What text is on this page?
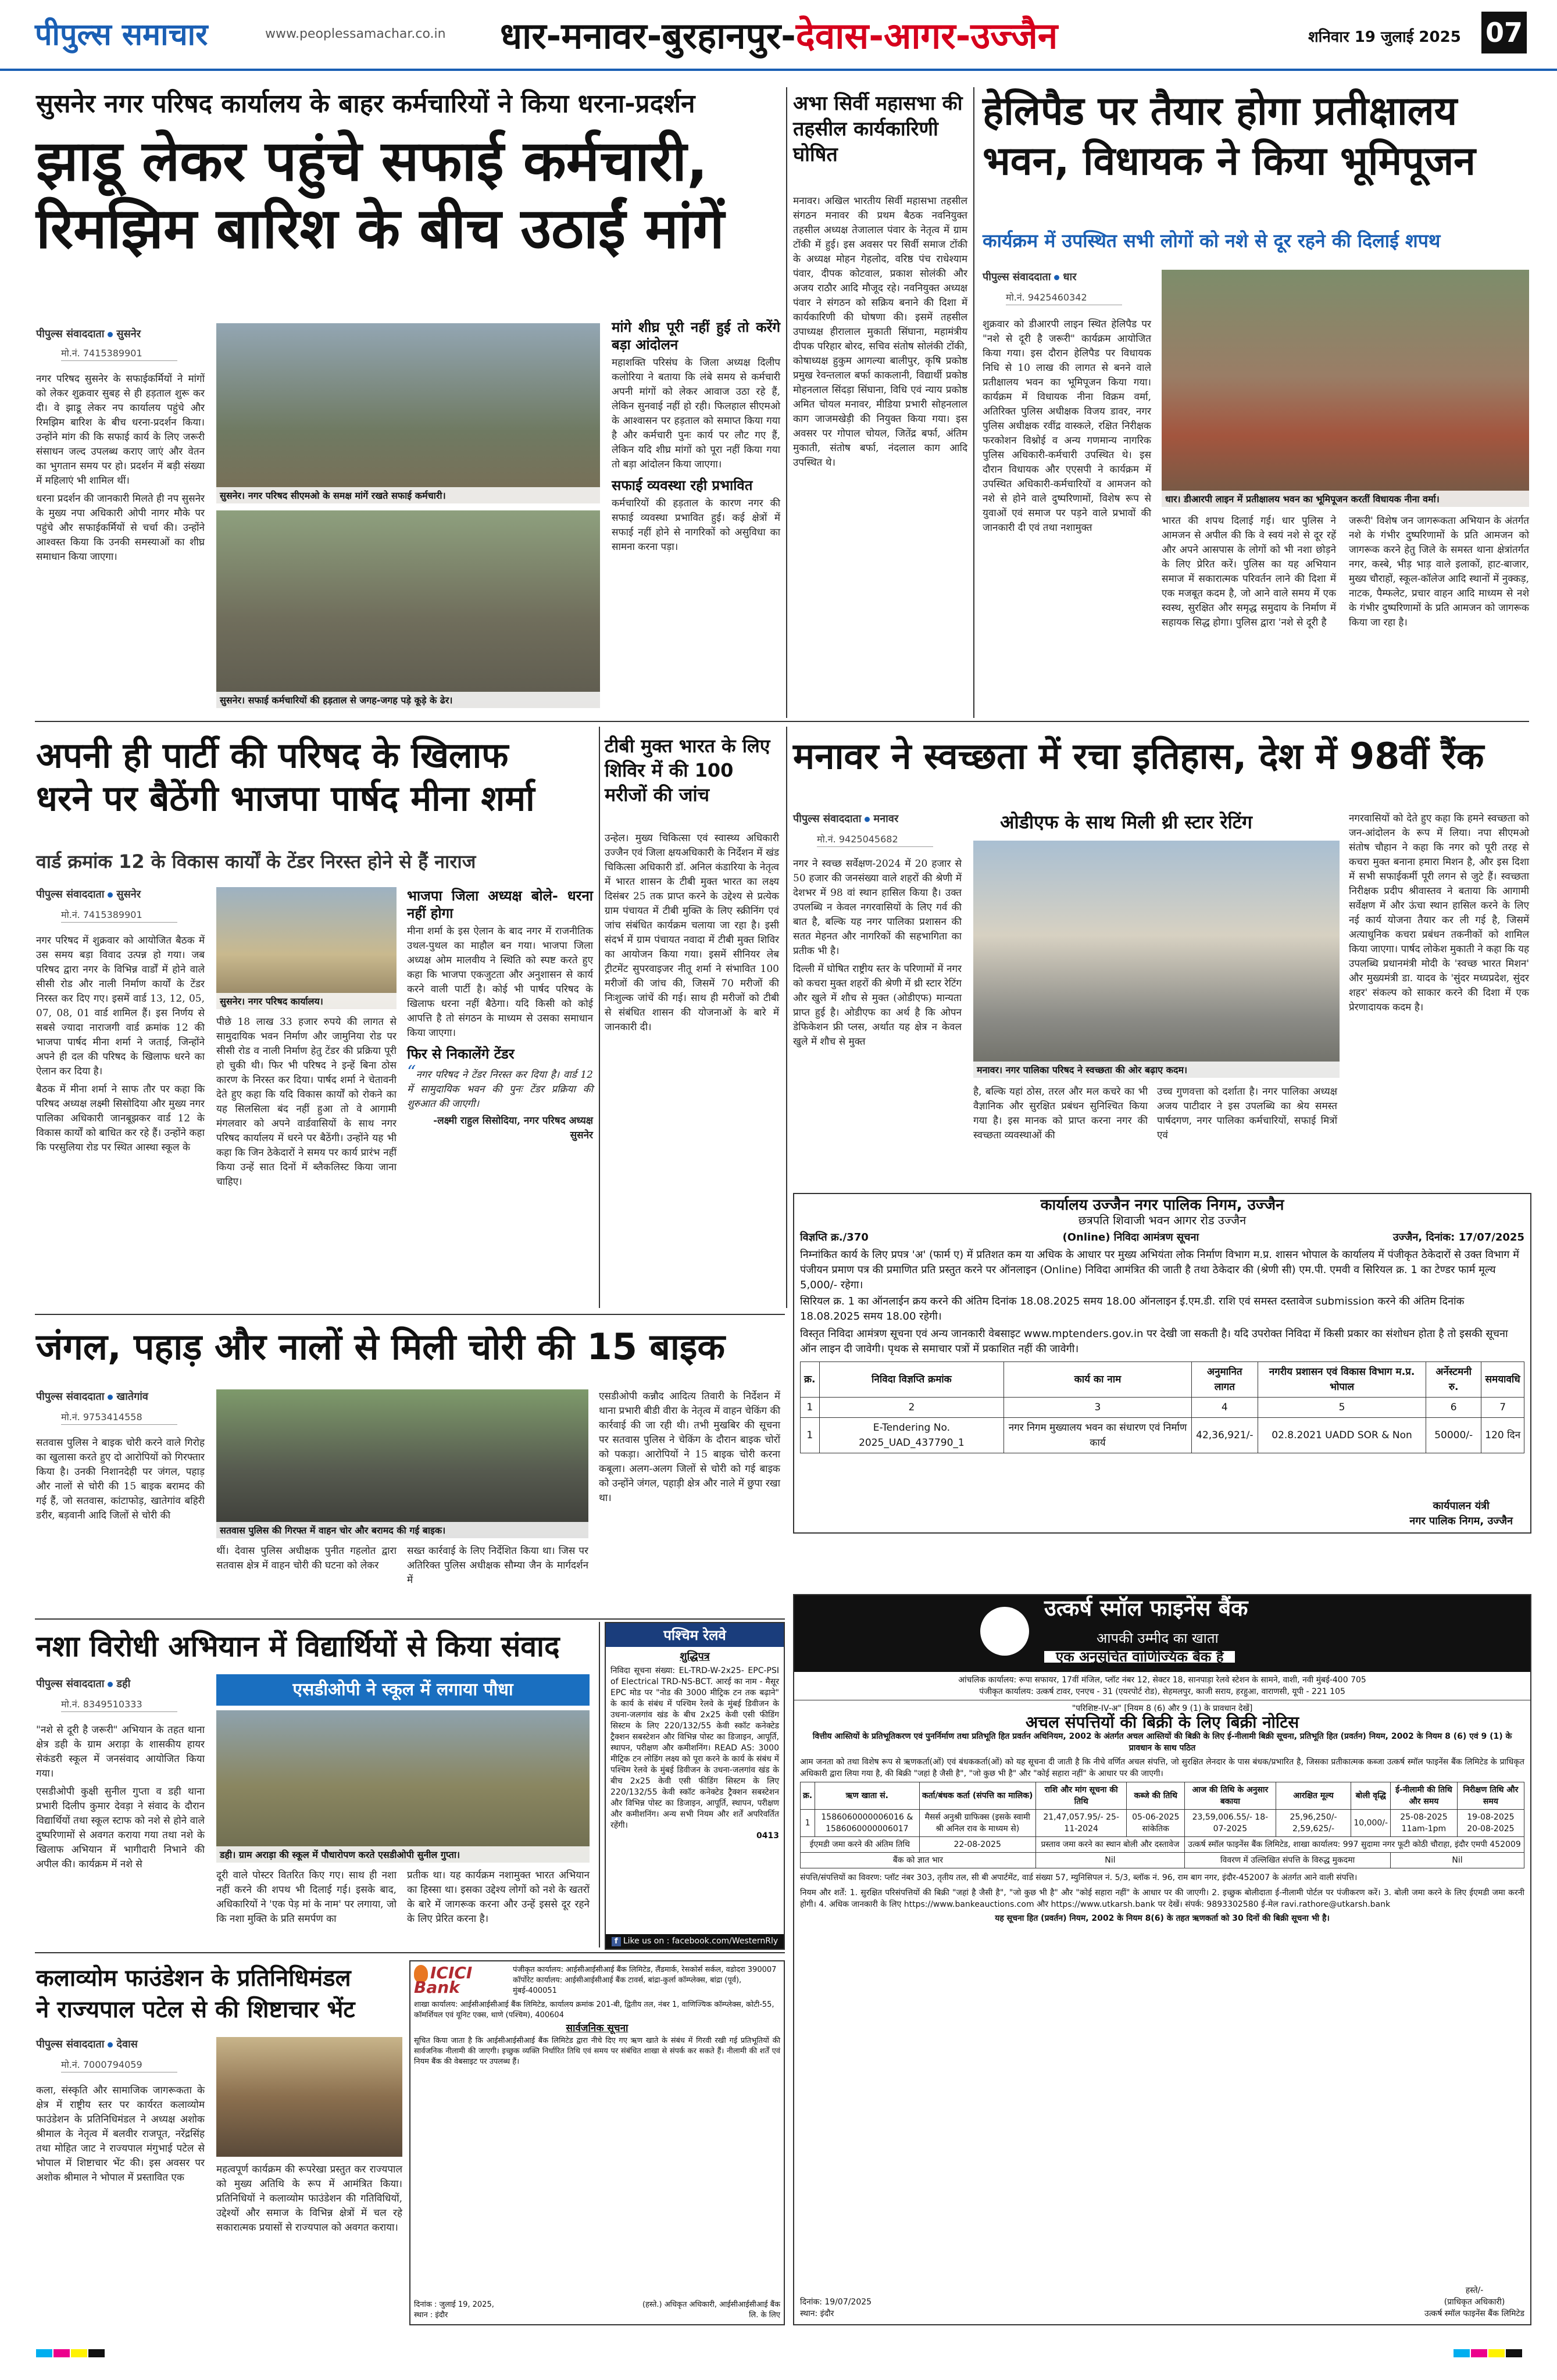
पीपुल्स समाचार	www.peoplessamachar.co.in धार-मनावर-बुरहानपुर-देवास-आगर-उज्जैन	शनिवार 19 जुलाई 2025 07
सुसनेर नगर परिषद कार्यालय के बाहर कर्मचारियों ने किया धरना-प्रदर्शन
झाडू लेकर पहुंचे सफाई कर्मचारी,
रिमझिम बारिश के बीच उठाईं मांगें
पीपुल्स संवाददाता सुसनेर
मो.नं. 7415389901

नगर परिषद सुसनेर के सफाईकर्मियों ने मांगों को लेकर शुक्रवार सुबह से ही हड़ताल शुरू कर दी। वे झाडू लेकर नप कार्यालय पहुंचे और रिमझिम बारिश के बीच धरना-प्रदर्शन किया। उन्होंने मांग की कि सफाई कार्य के लिए जरूरी संसाधन जल्द उपलब्ध कराए जाएं और वेतन का भुगतान समय पर हो। प्रदर्शन में बड़ी संख्या में महिलाएं भी शामिल थीं।

धरना प्रदर्शन की जानकारी मिलते ही नप सुसनेर के मुख्य नपा अधिकारी ओपी नागर मौके पर पहुंचे और सफाईकर्मियों से चर्चा की। उन्होंने आश्वस्त किया कि उनकी समस्याओं का शीघ्र समाधान किया जाएगा।

सुसनेर। नगर परिषद सीएमओ के समक्ष मांगें रखते सफाई कर्मचारी।
सुसनेर। सफाई कर्मचारियों की हड़ताल से जगह-जगह पड़े कूड़े के ढेर।
मांगे शीघ्र पूरी नहीं हुई तो करेंगे बड़ा आंदोलन

महाशक्ति परिसंघ के जिला अध्यक्ष दिलीप कलोरिया ने बताया कि लंबे समय से कर्मचारी अपनी मांगों को लेकर आवाज उठा रहे हैं, लेकिन सुनवाई नहीं हो रही। फिलहाल सीएमओ के आश्वासन पर हड़ताल को समाप्त किया गया है और कर्मचारी पुनः कार्य पर लौट गए हैं, लेकिन यदि शीघ्र मांगों को पूरा नहीं किया गया तो बड़ा आंदोलन किया जाएगा।

सफाई व्यवस्था रही प्रभावित

कर्मचारियों की हड़ताल के कारण नगर की सफाई व्यवस्था प्रभावित हुई। कई क्षेत्रों में सफाई नहीं होने से नागरिकों को असुविधा का सामना करना पड़ा।

अभा सिर्वी महासभा की तहसील कार्यकारिणी घोषित
मनावर। अखिल भारतीय सिर्वी महासभा तहसील संगठन मनावर की प्रथम बैठक नवनियुक्त तहसील अध्यक्ष तेजालाल पंवार के नेतृत्व में ग्राम टोंकी में हुई। इस अवसर पर सिर्वी समाज टोंकी के अध्यक्ष मोहन गेहलोद, वरिष्ठ पंच राधेश्याम पंवार, दीपक कोटवाल, प्रकाश सोलंकी और अजय राठौर आदि मौजूद रहे। नवनियुक्त अध्यक्ष पंवार ने संगठन को सक्रिय बनाने की दिशा में कार्यकारिणी की घोषणा की। इसमें तहसील उपाध्यक्ष हीरालाल मुकाती सिंघाना, महामंत्रीय दीपक परिहार बोरद, सचिव संतोष सोलंकी टोंकी, कोषाध्यक्ष हुकुम आगल्या बालीपुर, कृषि प्रकोष्ठ प्रमुख रेवन्तलाल बर्फा काकलानी, विद्यार्थी प्रकोष्ठ मोहनलाल सिंदड़ा सिंघाना, विधि एवं न्याय प्रकोष्ठ अमित चोयल मनावर, मीडिया प्रभारी सोहनलाल काग जाजमखेड़ी की नियुक्त किया गया। इस अवसर पर गोपाल चोयल, जितेंद्र बर्फा, अंतिम मुकाती, संतोष बर्फा, नंदलाल काग आदि उपस्थित थे।
हेलिपैड पर तैयार होगा प्रतीक्षालय
भवन, विधायक ने किया भूमिपूजन
कार्यक्रम में उपस्थित सभी लोगों को नशे से दूर रहने की दिलाई शपथ
पीपुल्स संवाददाता धार
मो.नं. 9425460342
शुक्रवार को डीआरपी लाइन स्थित हेलिपैड पर "नशे से दूरी है जरूरी" कार्यक्रम आयोजित किया गया। इस दौरान हेलिपैड पर विधायक निधि से 10 लाख की लागत से बनने वाले प्रतीक्षालय भवन का भूमिपूजन किया गया। कार्यक्रम में विधायक नीना विक्रम वर्मा, अतिरिक्त पुलिस अधीक्षक विजय डावर, नगर पुलिस अधीक्षक रवींद्र वास्कले, रक्षित निरीक्षक फरकोशन विश्नोई व अन्य गणमान्य नागरिक पुलिस अधिकारी-कर्मचारी उपस्थित थे। इस दौरान विधायक और एएसपी ने कार्यक्रम में उपस्थित अधिकारी-कर्मचारियों व आमजन को नशे से होने वाले दुष्परिणामों, विशेष रूप से युवाओं एवं समाज पर पड़ने वाले प्रभावों की जानकारी दी एवं तथा नशामुक्त
धार। डीआरपी लाइन में प्रतीक्षालय भवन का भूमिपूजन करतीं विधायक नीना वर्मा।
भारत की शपथ दिलाई गई। धार पुलिस ने आमजन से अपील की कि वे स्वयं नशे से दूर रहें और अपने आसपास के लोगों को भी नशा छोड़ने के लिए प्रेरित करें। पुलिस का यह अभियान समाज में सकारात्मक परिवर्तन लाने की दिशा में एक मजबूत कदम है, जो आने वाले समय में एक स्वस्थ, सुरक्षित और समृद्ध समुदाय के निर्माण में सहायक सिद्ध होगा। पुलिस द्वारा 'नशे से दूरी है
जरूरी' विशेष जन जागरूकता अभियान के अंतर्गत नशे के गंभीर दुष्परिणामों के प्रति आमजन को जागरूक करने हेतु जिले के समस्त थाना क्षेत्रांतर्गत नगर, कस्बे, भीड़ भाड़ वाले इलाकों, हाट-बाजार, मुख्य चौराहों, स्कूल-कॉलेज आदि स्थानों में नुक्कड़, नाटक, पैम्फलेट, प्रचार वाहन आदि माध्यम से नशे के गंभीर दुष्परिणामों के प्रति आमजन को जागरूक किया जा रहा है।
अपनी ही पार्टी की परिषद के खिलाफ
धरने पर बैठेंगी भाजपा पार्षद मीना शर्मा
वार्ड क्रमांक 12 के विकास कार्यों के टेंडर निरस्त होने से हैं नाराज
पीपुल्स संवाददाता सुसनेर
मो.नं. 7415389901

नगर परिषद में शुक्रवार को आयोजित बैठक में उस समय बड़ा विवाद उत्पन्न हो गया। जब परिषद द्वारा नगर के विभिन्न वार्डों में होने वाले सीसी रोड और नाली निर्माण कार्यों के टेंडर निरस्त कर दिए गए। इसमें वार्ड 13, 12, 05, 07, 08, 01 वार्ड शामिल हैं। इस निर्णय से सबसे ज्यादा नाराजगी वार्ड क्रमांक 12 की भाजपा पार्षद मीना शर्मा ने जताई, जिन्होंने अपने ही दल की परिषद के खिलाफ धरने का ऐलान कर दिया है।

बैठक में मीना शर्मा ने साफ तौर पर कहा कि परिषद अध्यक्ष लक्ष्मी सिसोदिया और मुख्य नगर पालिका अधिकारी जानबूझकर वार्ड 12 के विकास कार्यों को बाधित कर रहे हैं। उन्होंने कहा कि परसुलिया रोड पर स्थित आस्था स्कूल के

सुसनेर। नगर परिषद कार्यालय।
पीछे 18 लाख 33 हजार रुपये की लागत से सामुदायिक भवन निर्माण और जामुनिया रोड पर सीसी रोड व नाली निर्माण हेतु टेंडर की प्रक्रिया पूरी हो चुकी थी। फिर भी परिषद ने इन्हें बिना ठोस कारण के निरस्त कर दिया। पार्षद शर्मा ने चेतावनी देते हुए कहा कि यदि विकास कार्यों को रोकने का यह सिलसिला बंद नहीं हुआ तो वे आगामी मंगलवार को अपने वार्डवासियों के साथ नगर परिषद कार्यालय में धरने पर बैठेंगी। उन्होंने यह भी कहा कि जिन ठेकेदारों ने समय पर कार्य प्रारंभ नहीं किया उन्हें सात दिनों में ब्लैकलिस्ट किया जाना चाहिए।
भाजपा जिला अध्यक्ष बोले- धरना नहीं होगा

मीना शर्मा के इस ऐलान के बाद नगर में राजनीतिक उथल-पुथल का माहौल बन गया। भाजपा जिला अध्यक्ष ओम मालवीय ने स्थिति को स्पष्ट करते हुए कहा कि भाजपा एकजुटता और अनुशासन से कार्य करने वाली पार्टी है। कोई भी पार्षद परिषद के खिलाफ धरना नहीं बैठेगा। यदि किसी को कोई आपत्ति है तो संगठन के माध्यम से उसका समाधान किया जाएगा।

फिर से निकालेंगे टेंडर

“नगर परिषद ने टेंडर निरस्त कर दिया है। वार्ड 12 में सामुदायिक भवन की पुनः टेंडर प्रक्रिया की शुरुआत की जाएगी।

-लक्ष्मी राहुल सिसोदिया, नगर परिषद अध्यक्ष सुसनेर

टीबी मुक्त भारत के लिए शिविर में की 100 मरीजों की जांच
उन्हेल। मुख्य चिकित्सा एवं स्वास्थ्य अधिकारी उज्जैन एवं जिला क्षयअधिकारी के निर्देशन में खंड चिकित्सा अधिकारी डॉ. अनिल कंडारिया के नेतृत्व में भारत शासन के टीबी मुक्त भारत का लक्ष्य दिसंबर 25 तक प्राप्त करने के उद्देश्य से प्रत्येक ग्राम पंचायत में टीबी मुक्ति के लिए स्क्रीनिंग एवं जांच संबंधित कार्यक्रम चलाया जा रहा है। इसी संदर्भ में ग्राम पंचायत नवादा में टीबी मुक्त शिविर का आयोजन किया गया। इसमें सीनियर लेब ट्रीटमेंट सुपरवाइजर नीतू शर्मा ने संभावित 100 मरीजों की जांच की, जिसमें 70 मरीजों की निःशुल्क जांचें की गई। साथ ही मरीजों को टीबी से संबंधित शासन की योजनाओं के बारे में जानकारी दी।
मनावर ने स्वच्छता में रचा इतिहास, देश में 98वीं रैंक
पीपुल्स संवाददाता मनावर
मो.नं. 9425045682
ओडीएफ के साथ मिली थ्री स्टार रेटिंग

नगर ने स्वच्छ सर्वेक्षण-2024 में 20 हजार से 50 हजार की जनसंख्या वाले शहरों की श्रेणी में देशभर में 98 वां स्थान हासिल किया है। उक्त उपलब्धि न केवल नगरवासियों के लिए गर्व की बात है, बल्कि यह नगर पालिका प्रशासन की सतत मेहनत और नागरिकों की सहभागिता का प्रतीक भी है।

दिल्ली में घोषित राष्ट्रीय स्तर के परिणामों में नगर को कचरा मुक्त शहरों की श्रेणी में थ्री स्टार रेटिंग और खुले में शौच से मुक्त (ओडीएफ) मान्यता प्राप्त हुई है। ओडीएफ का अर्थ है कि ओपन डेफिकेशन फ्री प्लस, अर्थात यह क्षेत्र न केवल खुले में शौच से मुक्त

मनावर। नगर पालिका परिषद ने स्वच्छता की ओर बढ़ाए कदम।
है, बल्कि यहां ठोस, तरल और मल कचरे का भी वैज्ञानिक और सुरक्षित प्रबंधन सुनिश्चित किया गया है। इस मानक को प्राप्त करना नगर की स्वच्छता व्यवस्थाओं की
उच्च गुणवत्ता को दर्शाता है। नगर पालिका अध्यक्ष अजय पाटीदार ने इस उपलब्धि का श्रेय समस्त पार्षदगण, नगर पालिका कर्मचारियों, सफाई मित्रों एवं
नगरवासियों को देते हुए कहा कि हमने स्वच्छता को जन-आंदोलन के रूप में लिया। नपा सीएमओ संतोष चौहान ने कहा कि नगर को पूरी तरह से कचरा मुक्त बनाना हमारा मिशन है, और इस दिशा में सभी सफाईकर्मी पूरी लगन से जुटे हैं। स्वच्छता निरीक्षक प्रदीप श्रीवास्तव ने बताया कि आगामी सर्वेक्षण में और ऊंचा स्थान हासिल करने के लिए नई कार्य योजना तैयार कर ली गई है, जिसमें अत्याधुनिक कचरा प्रबंधन तकनीकों को शामिल किया जाएगा। पार्षद लोकेश मुकाती ने कहा कि यह उपलब्धि प्रधानमंत्री मोदी के 'स्वच्छ भारत मिशन' और मुख्यमंत्री डा. यादव के 'सुंदर मध्यप्रदेश, सुंदर शहर' संकल्प को साकार करने की दिशा में एक प्रेरणादायक कदम है।
कार्यालय उज्जैन नगर पालिक निगम, उज्जैन
छत्रपति शिवाजी भवन आगर रोड उज्जैन
विज्ञप्ति क्र./370	(Online) निविदा आमंत्रण सूचना	उज्जैन, दिनांक: 17/07/2025
निम्नांकित कार्य के लिए प्रपत्र 'अ' (फार्म ए) में प्रतिशत कम या अधिक के आधार पर मुख्य अभियंता लोक निर्माण विभाग म.प्र. शासन भोपाल के कार्यालय में पंजीकृत ठेकेदारों से उक्त विभाग में पंजीयन प्रमाण पत्र की प्रमाणित प्रति प्रस्तुत करने पर ऑनलाइन (Online) निविदा आमंत्रित की जाती है तथा ठेकेदार की (श्रेणी सी) एम.पी. एमवी व सिरियल क्र. 1 का टेण्डर फार्म मूल्य 5,000/- रहेगा।
सिरियल क्र. 1 का ऑनलाईन क्रय करने की अंतिम दिनांक 18.08.2025 समय 18.00 ऑनलाइन ई.एम.डी. राशि एवं समस्त दस्तावेज submission करने की अंतिम दिनांक 18.08.2025 समय 18.00 रहेगी।
विस्तृत निविदा आमंत्रण सूचना एवं अन्य जानकारी वेबसाइट www.mptenders.gov.in पर देखी जा सकती है। यदि उपरोक्त निविदा में किसी प्रकार का संशोधन होता है तो इसकी सूचना ऑन लाइन दी जावेगी। पृथक से समाचार पत्रों में प्रकाशित नहीं की जावेगी।
क्र.	निविदा विज्ञप्ति क्रमांक	कार्य का नाम	अनुमानित लागत	नगरीय प्रशासन एवं विकास विभाग म.प्र. भोपाल	अर्नेस्टमनी रु.	समयावधि
1	2	3	4	5	6	7
1	E-Tendering No. 2025_UAD_437790_1	नगर निगम मुख्यालय भवन का संधारण एवं निर्माण कार्य	42,36,921/-	02.8.2021 UADD SOR & Non	50000/-	120 दिन
कार्यपालन यंत्री
नगर पालिक निगम, उज्जैन
जंगल, पहाड़ और नालों से मिली चोरी की 15 बाइक
पीपुल्स संवाददाता खातेगांव
मो.नं. 9753414558
सतवास पुलिस ने बाइक चोरी करने वाले गिरोह का खुलासा करते हुए दो आरोपियों को गिरफ्तार किया है। उनकी निशानदेही पर जंगल, पहाड़ और नालों से चोरी की 15 बाइक बरामद की गई हैं, जो सतवास, कांटाफोड़, खातेगांव बहिरी डरीर, बड़वानी आदि जिलों से चोरी की
सतवास पुलिस की गिरफ्त में वाहन चोर और बरामद की गई बाइक।
थीं। देवास पुलिस अधीक्षक पुनीत गहलोत द्वारा सतवास क्षेत्र में वाहन चोरी की घटना को लेकर
सख्त कार्रवाई के लिए निर्देशित किया था। जिस पर अतिरिक्त पुलिस अधीक्षक सौम्या जैन के मार्गदर्शन में
एसडीओपी कन्नौद आदित्य तिवारी के निर्देशन में थाना प्रभारी बीडी वीरा के नेतृत्व में वाहन चेकिंग की कार्रवाई की जा रही थी। तभी मुखबिर की सूचना पर सतवास पुलिस ने चेकिंग के दौरान बाइक चोरों को पकड़ा। आरोपियों ने 15 बाइक चोरी करना कबूला। अलग-अलग जिलों से चोरी को गई बाइक को उन्होंने जंगल, पहाड़ी क्षेत्र और नाले में छुपा रखा था।
नशा विरोधी अभियान में विद्यार्थियों से किया संवाद
पीपुल्स संवाददाता डही
मो.नं. 8349510333

"नशे से दूरी है जरूरी" अभियान के तहत थाना क्षेत्र डही के ग्राम अराड़ा के शासकीय हायर सेकंडरी स्कूल में जनसंवाद आयोजित किया गया।

एसडीओपी कुक्षी सुनील गुप्ता व डही थाना प्रभारी दिलीप कुमार देवड़ा ने संवाद के दौरान विद्यार्थियों तथा स्कूल स्टाफ को नशे से होने वाले दुष्परिणामों से अवगत कराया गया तथा नशे के खिलाफ अभियान में भागीदारी निभाने की अपील की। कार्यक्रम में नशे से

एसडीओपी ने स्कूल में लगाया पौधा
डही। ग्राम अराड़ा की स्कूल में पौधारोपण करते एसडीओपी सुनील गुप्ता।
दूरी वाले पोस्टर वितरित किए गए। साथ ही नशा नहीं करने की शपथ भी दिलाई गई। इसके बाद, अधिकारियों ने 'एक पेड़ मां के नाम' पर लगाया, जो कि नशा मुक्ति के प्रति समर्पण का
प्रतीक था। यह कार्यक्रम नशामुक्त भारत अभियान का हिस्सा था। इसका उद्देश्य लोगों को नशे के खतरों के बारे में जागरूक करना और उन्हें इससे दूर रहने के लिए प्रेरित करना है।
पश्चिम रेलवे
शुद्धिपत्र
निविदा सूचना संख्या: EL-TRD-W-2x25- EPC-PSI of Electrical TRD-NS-BCT. आरई का नाम - मैसूर EPC मोड पर "नोड की 3000 मीट्रिक टन तक बढ़ाने" के कार्य के संबंध में पश्चिम रेलवे के मुंबई डिवीजन के उधना-जलगांव खंड के बीच 2x25 केवी एसी फीडिंग सिस्टम के लिए 220/132/55 केवी स्कॉट कनेक्टेड ट्रैक्शन सबस्टेशन और विभिन्न पोस्ट का डिजाइन, आपूर्ति, स्थापन, परीक्षण और कमीशनिंग। READ AS: 3000 मीट्रिक टन लोडिंग लक्ष्य को पूरा करने के कार्य के संबंध में पश्चिम रेलवे के मुंबई डिवीजन के उधना-जलगांव खंड के बीच 2x25 केवी एसी फीडिंग सिस्टम के लिए 220/132/55 केवी स्कॉट कनेक्टेड ट्रैक्शन सबस्टेशन और विभिन्न पोस्ट का डिजाइन, आपूर्ति, स्थापन, परीक्षण और कमीशनिंग। अन्य सभी नियम और शर्तें अपरिवर्तित रहेंगी।
0413
f Like us on : facebook.com/WesternRly
कलाव्योम फाउंडेशन के प्रतिनिधिमंडल
ने राज्यपाल पटेल से की शिष्टाचार भेंट
पीपुल्स संवाददाता देवास
मो.नं. 7000794059
कला, संस्कृति और सामाजिक जागरूकता के क्षेत्र में राष्ट्रीय स्तर पर कार्यरत कलाव्योम फाउंडेशन के प्रतिनिधिमंडल ने अध्यक्ष अशोक श्रीमाल के नेतृत्व में बलवीर राजपूत, नरेंद्रसिंह तथा मोहित जाट ने राज्यपाल मंगुभाई पटेल से भोपाल में शिष्टाचार भेंट की। इस अवसर पर अशोक श्रीमाल ने भोपाल में प्रस्तावित एक
महत्वपूर्ण कार्यक्रम की रूपरेखा प्रस्तुत कर राज्यपाल को मुख्य अतिथि के रूप में आमंत्रित किया। प्रतिनिधियों ने कलाव्योम फाउंडेशन की गतिविधियों, उद्देश्यों और समाज के विभिन्न क्षेत्रों में चल रहे सकारात्मक प्रयासों से राज्यपाल को अवगत कराया।
ICICI Bank
पंजीकृत कार्यालय: आईसीआईसीआई बैंक लिमिटेड, लैंडमार्क, रेसकोर्स सर्कल, वडोदरा 390007
कॉर्पोरेट कार्यालय: आईसीआईसीआई बैंक टावर्स, बांद्रा-कुर्ला कॉम्प्लेक्स, बांद्रा (पूर्व), मुंबई-400051
शाखा कार्यालय: आईसीआईसीआई बैंक लिमिटेड, कार्यालय क्रमांक 201-बी, द्वितीय तल, नंबर 1, वाणिज्यिक कॉम्प्लेक्स, कोटी-55, कॉमर्शियल एवं यूनिट एक्स, थाणे (पश्चिम), 400604
सार्वजनिक सूचना
सूचित किया जाता है कि आईसीआईसीआई बैंक लिमिटेड द्वारा नीचे दिए गए ऋण खाते के संबंध में गिरवी रखी गई प्रतिभूतियों की सार्वजनिक नीलामी की जाएगी। इच्छुक व्यक्ति निर्धारित तिथि एवं समय पर संबंधित शाखा से संपर्क कर सकते हैं। नीलामी की शर्तें एवं नियम बैंक की वेबसाइट पर उपलब्ध हैं।
दिनांक : जुलाई 19, 2025,
स्थान : इंदौर
(हस्ते.) अधिकृत अधिकारी, आईसीआईसीआई बैंक लि. के लिए
उत्कर्ष स्मॉल फाइनेंस बैंक
आपकी उम्मीद का खाता
एक अनुसूचित वाणिज्यिक बैंक है
आंचलिक कार्यालय: रूपा सफायर, 17वीं मंजिल, प्लॉट नंबर 12, सेक्टर 18, सानपाड़ा रेलवे स्टेशन के सामने, वाशी, नवी मुंबई-400 705
पंजीकृत कार्यालय: उत्कर्ष टावर, एनएच - 31 (एयरपोर्ट रोड), सेहमलपुर, काजी सराय, हरहुआ, वाराणसी, यूपी - 221 105
"परिशिष्ट-IV-अ" [नियम 8 (6) और 9 (1) के प्रावधान देखें]
अचल संपत्तियों की बिक्री के लिए बिक्री नोटिस
वित्तीय आस्तियों के प्रतिभूतिकरण एवं पुनर्निर्माण तथा प्रतिभूति हित प्रवर्तन अधिनियम, 2002 के अंतर्गत अचल आस्तियों की बिक्री के लिए ई-नीलामी बिक्री सूचना, प्रतिभूति हित (प्रवर्तन) नियम, 2002 के नियम 8 (6) एवं 9 (1) के प्रावधान के साथ पठित
आम जनता को तथा विशेष रूप से ऋणकर्ता(ओं) एवं बंधककर्ता(ओं) को यह सूचना दी जाती है कि नीचे वर्णित अचल संपत्ति, जो सुरक्षित लेनदार के पास बंधक/प्रभारित है, जिसका प्रतीकात्मक कब्जा उत्कर्ष स्मॉल फाइनेंस बैंक लिमिटेड के प्राधिकृत अधिकारी द्वारा लिया गया है, की बिक्री "जहां है जैसी है", "जो कुछ भी है" और "कोई सहारा नहीं" के आधार पर की जाएगी।
क्र.	ऋण खाता सं.	कर्ता/बंधक कर्ता (संपत्ति का मालिक)	राशि और मांग सूचना की तिथि	कब्जे की तिथि	आज की तिथि के अनुसार बकाया	आरक्षित मूल्य	बोली वृद्धि	ई-नीलामी की तिथि और समय	निरीक्षण तिथि और समय
1	1586060000006016 & 1586060000006017	मैसर्स अनुश्री ग्राफिक्स (इसके स्वामी श्री अनिल राव के माध्यम से)	21,47,057.95/- 25-11-2024	05-06-2025 सांकेतिक	23,59,006.55/- 18-07-2025	25,96,250/- 2,59,625/-	10,000/-	25-08-2025 11am-1pm	19-08-2025 20-08-2025
ईएमडी जमा करने की अंतिम तिथि		22-08-2025	प्रस्ताव जमा करने का स्थान बोली और दस्तावेज		उत्कर्ष स्मॉल फाइनेंस बैंक लिमिटेड, शाखा कार्यालय: 997 सुदामा नगर फूटी कोठी चौराहा, इंदौर एमपी 452009				
बैंक को ज्ञात भार			Nil		विवरण में उल्लिखित संपत्ति के विरुद्ध मुकदमा			Nil	
संपत्ति/संपत्तियों का विवरण: प्लॉट नंबर 303, तृतीय तल, सी बी अपार्टमेंट, वार्ड संख्या 57, म्युनिसिपल नं. 5/3, ब्लॉक नं. 96, राम बाग नगर, इंदौर-452007 के अंतर्गत आने वाली संपत्ति।
नियम और शर्तें: 1. सुरक्षित परिसंपत्तियों की बिक्री "जहां है जैसी है", "जो कुछ भी है" और "कोई सहारा नहीं" के आधार पर की जाएगी। 2. इच्छुक बोलीदाता ई-नीलामी पोर्टल पर पंजीकरण करें। 3. बोली जमा करने के लिए ईएमडी जमा करनी होगी। 4. अधिक जानकारी के लिए https://www.bankeauctions.com और https://www.utkarsh.bank पर देखें। संपर्क: 9893302580 ई-मेल ravi.rathore@utkarsh.bank
यह सूचना हित (प्रवर्तन) नियम, 2002 के नियम 8(6) के तहत ऋणकर्ता को 30 दिनों की बिक्री सूचना भी है।
दिनांक: 19/07/2025
स्थान: इंदौर
हस्ते/-
(प्राधिकृत अधिकारी)
उत्कर्ष स्मॉल फाइनेंस बैंक लिमिटेड
